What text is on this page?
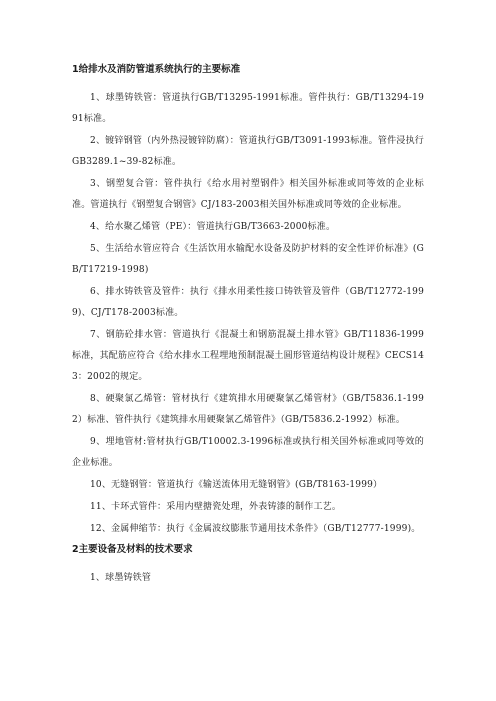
1给排水及消防管道系统执行的主要标准

1、球墨铸铁管：管道执行GB/T13295-1991标准。管件执行：GB/T13294-1991标准。

2、镀锌钢管（内外热浸镀锌防腐）：管道执行GB/T3091-1993标准。管件浸执行GB3289.1~39-82标准。

3、钢塑复合管：管件执行《给水用衬塑钢件》相关国外标准或同等效的企业标准。管道执行《钢塑复合钢管》CJ/183-2003相关国外标准或同等效的企业标准。

4、给水聚乙烯管（PE）：管道执行GB/T3663-2000标准。

5、生活给水管应符合《生活饮用水输配水设备及防护材料的安全性评价标准》(GB/T17219-1998)

6、排水铸铁管及管件：执行《排水用柔性接口铸铁管及管件（GB/T12772-1999)、CJ/T178-2003标准。

7、钢筋砼排水管：管道执行《混凝土和钢筋混凝土排水管》GB/T11836-1999标准，其配筋应符合《给水排水工程埋地预制混凝土圆形管道结构设计规程》CECS143：2002的规定。

8、硬聚氯乙烯管：管材执行《建筑排水用硬聚氯乙烯管材》（GB/T5836.1-1992）标准、管件执行《建筑排水用硬聚氯乙烯管件》（GB/T5836.2-1992）标准。

9、埋地管材:管材执行GB/T10002.3-1996标准或执行相关国外标准或同等效的企业标准。

10、无缝钢管：管道执行《输送流体用无缝钢管》(GB/T8163-1999）

11、卡环式管件：采用内壁搪瓷处理，外表铸漆的制作工艺。

12、金属伸缩节：执行《金属波纹膨胀节通用技术条件》（GB/T12777-1999)。

2主要设备及材料的技术要求

1、球墨铸铁管
